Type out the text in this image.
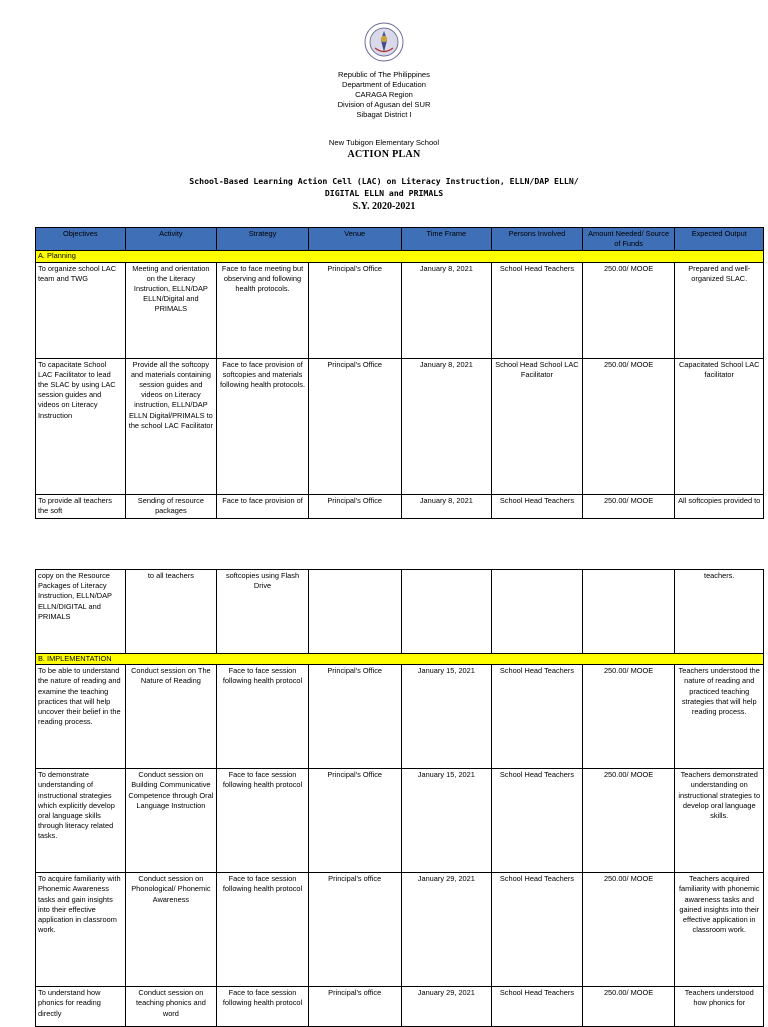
Republic of The Philippines
Department of Education
CARAGA Region
Division of Agusan del SUR
Sibagat District I
New Tubigon Elementary School
ACTION PLAN
School-Based Learning Action Cell (LAC) on Literacy Instruction, ELLN/DAP ELLN/
DIGITAL ELLN and PRIMALS
S.Y. 2020-2021
Objectives	Activity	Strategy	Venue	Time Frame	Persons Involved	Amount Needed/ Source of Funds	Expected Output
A. Planning							
To organize school LAC team and TWG	Meeting and orientation on the Literacy Instruction, ELLN/DAP ELLN/Digital and PRIMALS	Face to face meeting but observing and following health protocols.	Principal's Office	January 8, 2021	School Head Teachers	250.00/ MOOE	Prepared and well-organized SLAC.
To capacitate School LAC Facilitator to lead the SLAC by using LAC session guides and videos on Literacy Instruction	Provide all the softcopy and materials containing session guides and videos on Literacy instruction, ELLN/DAP ELLN Digital/PRIMALS to the school LAC Facilitator	Face to face provision of softcopies and materials following health protocols.	Principal's Office	January 8, 2021	School Head School LAC Facilitator	250.00/ MOOE	Capacitated School LAC facilitator
To provide all teachers the soft	Sending of resource packages	Face to face provision of	Principal's Office	January 8, 2021	School Head Teachers	250.00/ MOOE	All softcopies provided to
copy on the Resource Packages of Literacy Instruction, ELLN/DAP ELLN/DIGITAL and PRIMALS	to all teachers	softcopies using Flash Drive					teachers.
B. IMPLEMENTATION							
To be able to understand the nature of reading and examine the teaching practices that will help uncover their belief in the reading process.	Conduct session on The Nature of Reading	Face to face session following health protocol	Principal's Office	January 15, 2021	School Head Teachers	250.00/ MOOE	Teachers understood the nature of reading and practiced teaching strategies that will help reading process.
To demonstrate understanding of instructional strategies which explicitly develop oral language skills through literacy related tasks.	Conduct session on Building Communicative Competence through Oral Language Instruction	Face to face session following health protocol	Principal's Office	January 15, 2021	School Head Teachers	250.00/ MOOE	Teachers demonstrated understanding on instructional strategies to develop oral language skills.
To acquire familiarity with Phonemic Awareness tasks and gain insights into their effective application in classroom work.	Conduct session on Phonological/ Phonemic Awareness	Face to face session following health protocol	Principal's office	January 29, 2021	School Head Teachers	250.00/ MOOE	Teachers acquired familiarity with phonemic awareness tasks and gained insights into their effective application in classroom work.
To understand how phonics for reading directly	Conduct session on teaching phonics and word	Face to face session following health protocol	Principal's office	January 29, 2021	School Head Teachers	250.00/ MOOE	Teachers understood how phonics for
